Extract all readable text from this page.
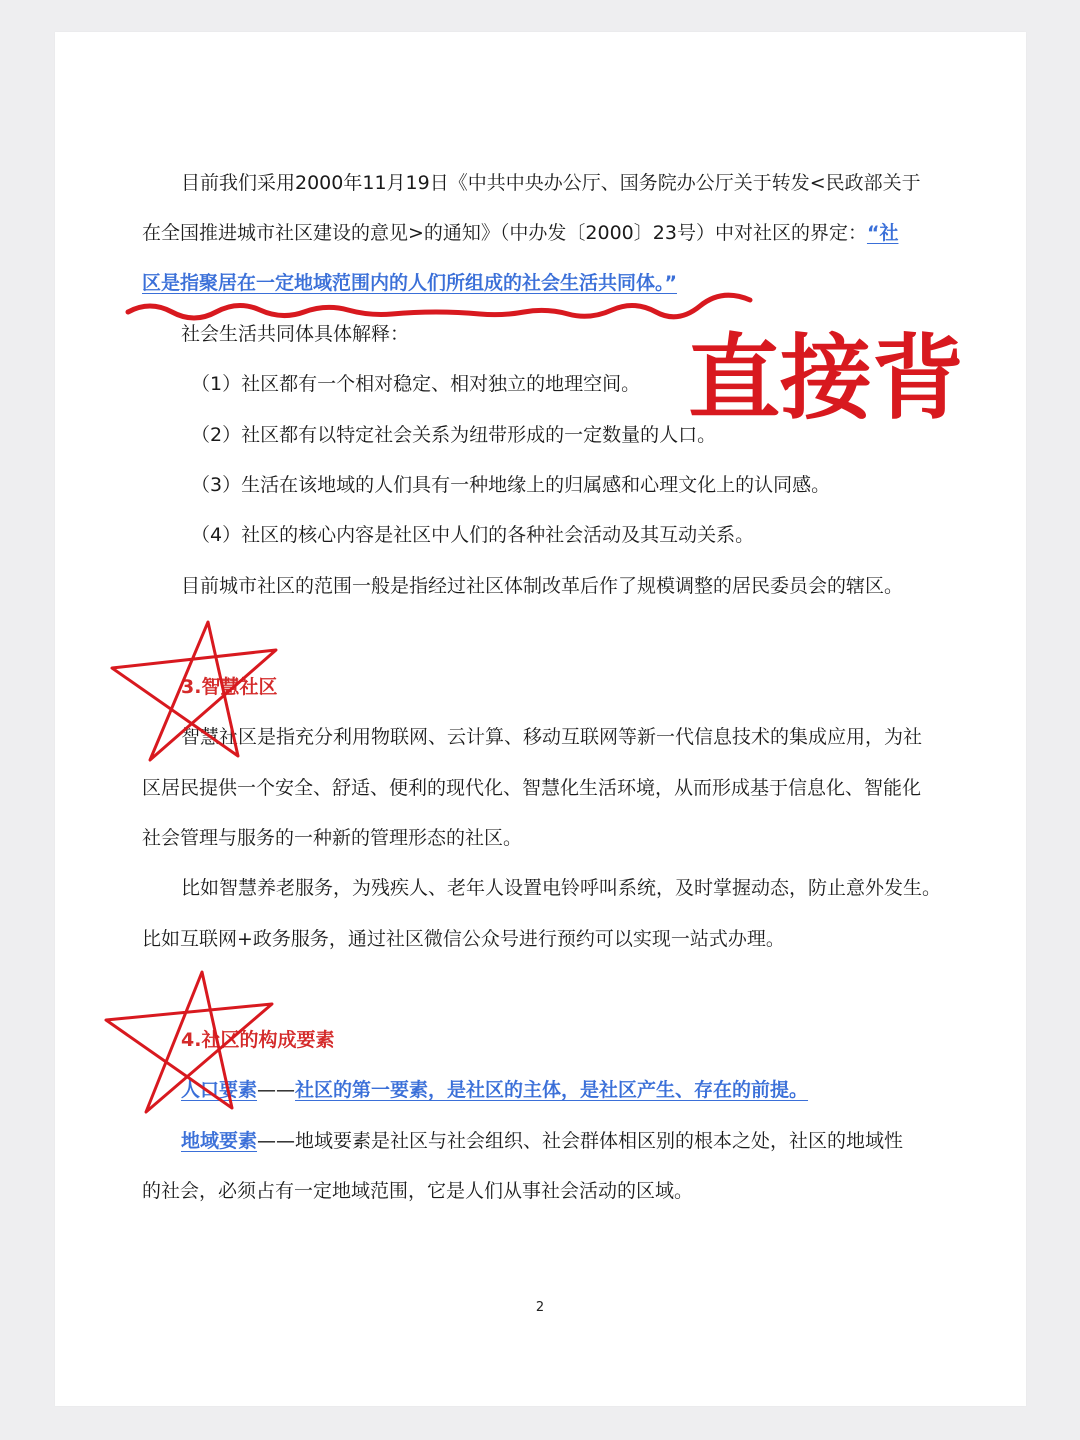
目前我们采用2000年11月19日《中共中央办公厅、国务院办公厅关于转发<民政部关于
在全国推进城市社区建设的意见>的通知》（中办发〔2000〕23号）中对社区的界定：“社
区是指聚居在一定地域范围内的人们所组成的社会生活共同体。”
社会生活共同体具体解释：
（1）社区都有一个相对稳定、相对独立的地理空间。
（2）社区都有以特定社会关系为纽带形成的一定数量的人口。
（3）生活在该地域的人们具有一种地缘上的归属感和心理文化上的认同感。
（4）社区的核心内容是社区中人们的各种社会活动及其互动关系。
目前城市社区的范围一般是指经过社区体制改革后作了规模调整的居民委员会的辖区。
3.智慧社区
智慧社区是指充分利用物联网、云计算、移动互联网等新一代信息技术的集成应用，为社
区居民提供一个安全、舒适、便利的现代化、智慧化生活环境，从而形成基于信息化、智能化
社会管理与服务的一种新的管理形态的社区。
比如智慧养老服务，为残疾人、老年人设置电铃呼叫系统，及时掌握动态，防止意外发生。
比如互联网+政务服务，通过社区微信公众号进行预约可以实现一站式办理。
4.社区的构成要素
人口要素——社区的第一要素，是社区的主体，是社区产生、存在的前提。
地域要素——地域要素是社区与社会组织、社会群体相区别的根本之处，社区的地域性
的社会，必须占有一定地域范围，它是人们从事社会活动的区域。
2
直接背
